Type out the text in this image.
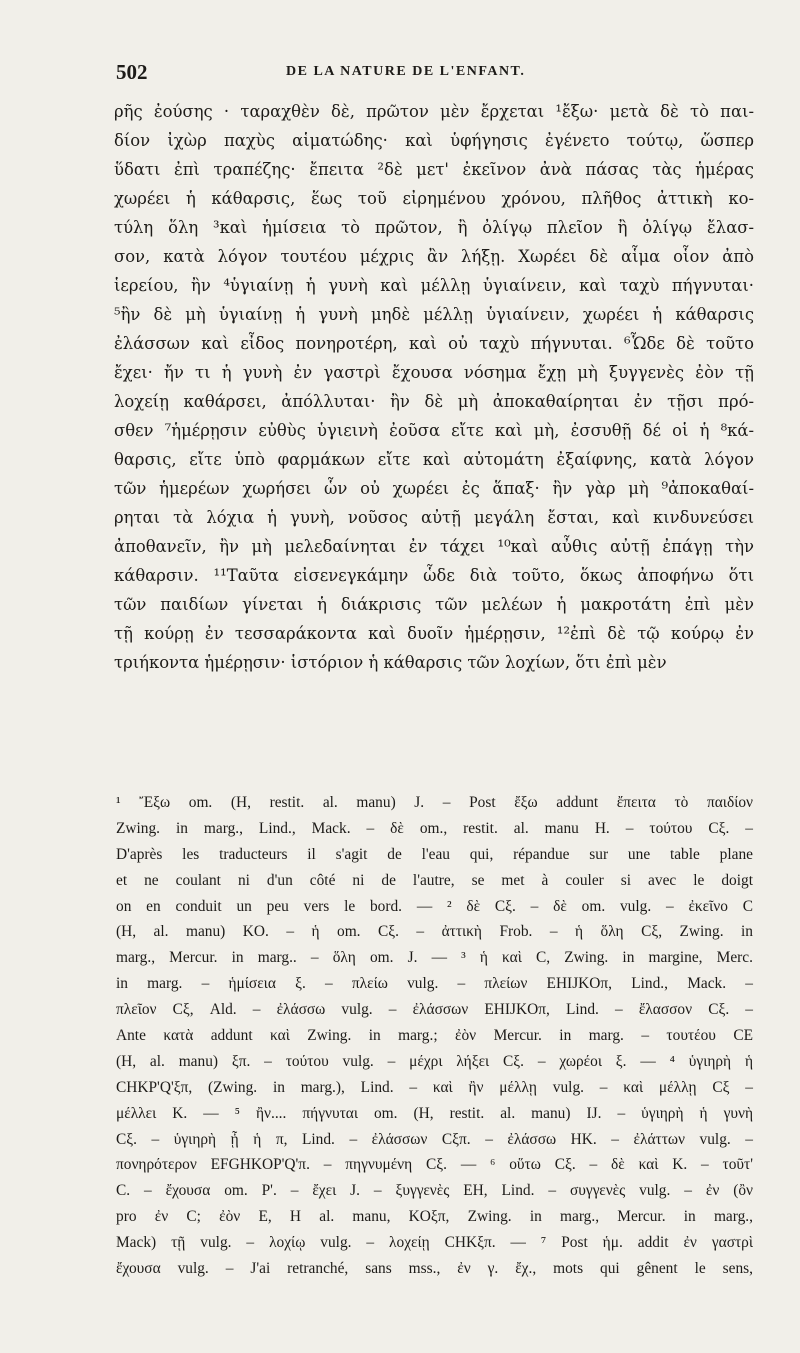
502	DE LA NATURE DE L'ENFANT.
ρῆς ἐούσης · ταραχθὲν δὲ, πρῶτον μὲν ἔρχεται ¹ἔξω· μετὰ δὲ τὸ παι-
δίον ἰχὼρ παχὺς αἱματώδης· καὶ ὑφήγησις ἐγένετο τούτῳ, ὥσπερ
ὕδατι ἐπὶ τραπέζης· ἔπειτα ²δὲ μετ' ἐκεῖνον ἀνὰ πάσας τὰς ἡμέρας
χωρέει ἡ κάθαρσις, ἕως τοῦ εἰρημένου χρόνου, πλῆθος ἀττικὴ κο-
τύλη ὅλη ³καὶ ἡμίσεια τὸ πρῶτον, ἢ ὀλίγῳ πλεῖον ἢ ὀλίγῳ ἔλασ-
σον, κατὰ λόγον τουτέου μέχρις ἂν λήξῃ. Χωρέει δὲ αἷμα οἷον ἀπὸ
ἱερείου, ἢν ⁴ὑγιαίνῃ ἡ γυνὴ καὶ μέλλῃ ὑγιαίνειν, καὶ ταχὺ πήγνυται·
⁵ἢν δὲ μὴ ὑγιαίνῃ ἡ γυνὴ μηδὲ μέλλῃ ὑγιαίνειν, χωρέει ἡ κάθαρσις
ἐλάσσων καὶ εἶδος πονηροτέρη, καὶ οὐ ταχὺ πήγνυται. ⁶Ὧδε δὲ τοῦτο
ἔχει· ἤν τι ἡ γυνὴ ἐν γαστρὶ ἔχουσα νόσημα ἔχῃ μὴ ξυγγενὲς ἐὸν τῇ
λοχείῃ καθάρσει, ἀπόλλυται· ἢν δὲ μὴ ἀποκαθαίρηται ἐν τῇσι πρό-
σθεν ⁷ἡμέρῃσιν εὐθὺς ὑγιεινὴ ἐοῦσα εἴτε καὶ μὴ, ἐσσυθῇ δέ οἱ ἡ ⁸κά-
θαρσις, εἴτε ὑπὸ φαρμάκων εἴτε καὶ αὐτομάτη ἐξαίφνης, κατὰ λόγον
τῶν ἡμερέων χωρήσει ὧν οὐ χωρέει ἐς ἅπαξ· ἢν γὰρ μὴ ⁹ἀποκαθαί-
ρηται τὰ λόχια ἡ γυνὴ, νοῦσος αὐτῇ μεγάλη ἔσται, καὶ κινδυνεύσει
ἀποθανεῖν, ἢν μὴ μελεδαίνηται ἐν τάχει ¹⁰καὶ αὖθις αὐτῇ ἐπάγῃ τὴν
κάθαρσιν. ¹¹Ταῦτα εἰσενεγκάμην ὧδε διὰ τοῦτο, ὅκως ἀποφήνω ὅτι
τῶν παιδίων γίνεται ἡ διάκρισις τῶν μελέων ἡ μακροτάτη ἐπὶ μὲν
τῇ κούρῃ ἐν τεσσαράκοντα καὶ δυοῖν ἡμέρῃσιν, ¹²ἐπὶ δὲ τῷ κούρῳ ἐν
τριήκοντα ἡμέρῃσιν· ἱστόριον ἡ κάθαρσις τῶν λοχίων, ὅτι ἐπὶ μὲν
¹ Ἔξω om. (H, restit. al. manu) J. – Post ἔξω addunt ἔπειτα τὸ παιδίον
Zwing. in marg., Lind., Mack. – δὲ om., restit. al. manu H. – τούτου Cξ. –
D'après les traducteurs il s'agit de l'eau qui, répandue sur une table plane
et ne coulant ni d'un côté ni de l'autre, se met à couler si avec le doigt
on en conduit un peu vers le bord. — ² δὲ Cξ. – δὲ om. vulg. – ἐκεῖνο C
(H, al. manu) KO. – ἡ om. Cξ. – ἀττικὴ Frob. – ἡ ὅλη Cξ, Zwing. in
marg., Mercur. in marg.. – ὅλη om. J. — ³ ἡ καὶ C, Zwing. in margine, Merc.
in marg. – ἡμίσεια ξ. – πλείω vulg. – πλείων EHIJKOπ, Lind., Mack. –
πλεῖον Cξ, Ald. – ἐλάσσω vulg. – ἐλάσσων EHIJKOπ, Lind. – ἔλασσον Cξ. –
Ante κατὰ addunt καὶ Zwing. in marg.; ἐὸν Mercur. in marg. – τουτέου CE
(H, al. manu) ξπ. – τούτου vulg. – μέχρι λήξει Cξ. – χωρέοι ξ. — ⁴ ὑγιηρὴ ἡ
CHKP'Q'ξπ, (Zwing. in marg.), Lind. – καὶ ἢν μέλλῃ vulg. – καὶ μέλλῃ Cξ –
μέλλει K. — ⁵ ἢν.... πήγνυται om. (H, restit. al. manu) IJ. – ὑγιηρὴ ἡ γυνὴ
Cξ. – ὑγιηρὴ ᾖ ἡ π, Lind. – ἐλάσσων Cξπ. – ἐλάσσω HK. – ἐλάττων vulg. –
πονηρότερον EFGHKOP'Q'π. – πηγνυμένη Cξ. — ⁶ οὕτω Cξ. – δὲ καὶ K. – τοῦτ'
C. – ἔχουσα om. P'. – ἔχει J. – ξυγγενὲς EH, Lind. – συγγενὲς vulg. – ἐν (ὂν
pro ἐν C; ἐὸν E, H al. manu, KOξπ, Zwing. in marg., Mercur. in marg.,
Mack) τῇ vulg. – λοχίῳ vulg. – λοχείῃ CHKξπ. — ⁷ Post ἡμ. addit ἐν γαστρὶ
ἔχουσα vulg. – J'ai retranché, sans mss., ἐν γ. ἔχ., mots qui gênent le sens,
